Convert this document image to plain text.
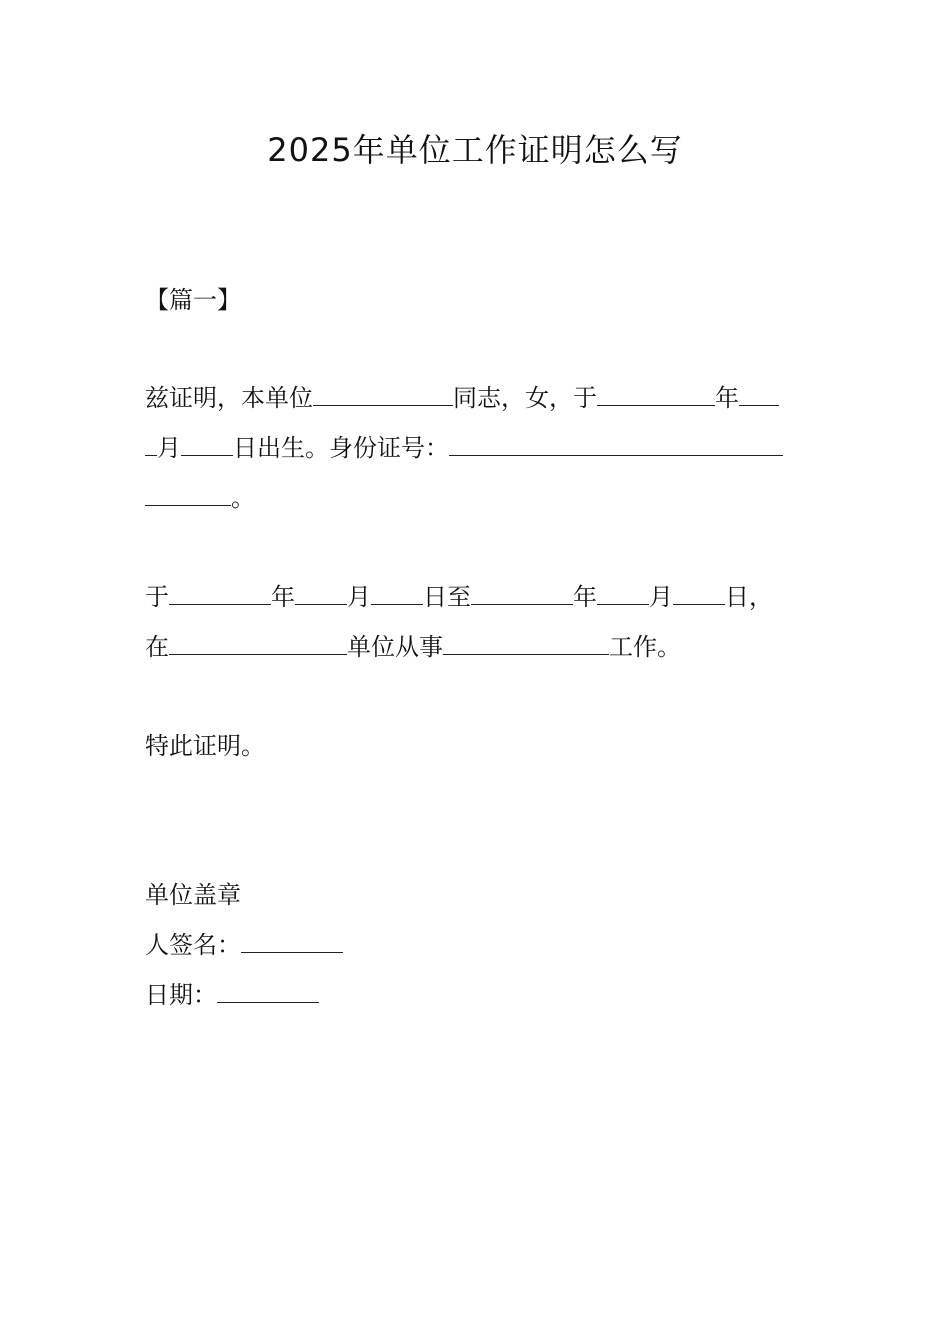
2025年单位工作证明怎么写
【篇一】
兹证明，本单位	同志，女，于	年
月 日出生。身份证号：
。
于	年 月 日至	年 月 日，
在	单位从事	工作。
特此证明。
单位盖章
人签名：
日期：
